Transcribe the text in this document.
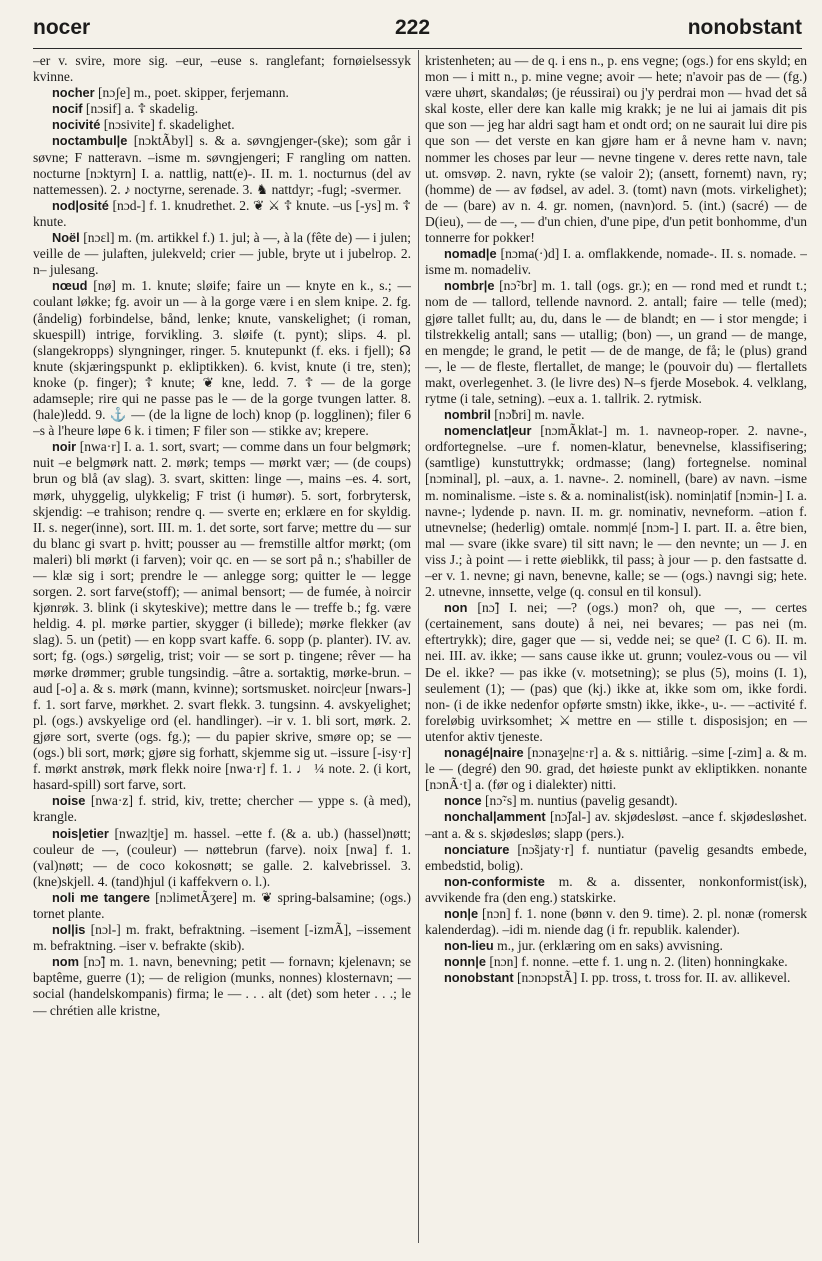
nocer	222	nonobstant

–er v. svire, more sig. –eur, –euse s. ranglefant; fornøielsessyk kvinne.

nocher [nɔʃe] m., poet. skipper, ferjemann.

nocif [nɔsif] a. ☦ skadelig.

nocivité [nɔsivite] f. skadelighet.

noctambul|e [nɔktÃbyl] s. & a. søvngjenger-(ske); som går i søvne; F natteravn. –isme m. søvngjengeri; F rangling om natten. nocturne [nɔktyrn] I. a. nattlig, natt(e)-. II. m. 1. nocturnus (del av nattemessen). 2. ♪ noctyrne, serenade. 3. ♞ nattdyr; -fugl; -svermer.

nod|osité [nɔd-] f. 1. knudrethet. 2. ❦ ⚔ ☦ knute. –us [-ys] m. ☦ knute.

Noël [nɔɛl] m. (m. artikkel f.) 1. jul; à —, à la (fête de) — i julen; veille de — julaften, julekveld; crier — juble, bryte ut i jubelrop. 2. n– julesang.

nœud [nø] m. 1. knute; sløife; faire un — knyte en k., s.; — coulant løkke; fg. avoir un — à la gorge være i en slem knipe. 2. fg. (åndelig) forbindelse, bånd, lenke; knute, vanskelighet; (i roman, skuespill) intrige, forvikling. 3. sløife (t. pynt); slips. 4. pl. (slangekropps) slyngninger, ringer. 5. knutepunkt (f. eks. i fjell); ☊ knute (skjæringspunkt p. ekliptikken). 6. kvist, knute (i tre, sten); knoke (p. finger); ☦ knute; ❦ kne, ledd. 7. ☦ — de la gorge adamseple; rire qui ne passe pas le — de la gorge tvungen latter. 8. (hale)ledd. 9. ⚓ — (de la ligne de loch) knop (p. logglinen); filer 6 –s à l'heure løpe 6 k. i timen; F filer son — stikke av; krepere.

noir [nwa·r] I. a. 1. sort, svart; — comme dans un four belgmørk; nuit –e belgmørk natt. 2. mørk; temps — mørkt vær; — (de coups) brun og blå (av slag). 3. svart, skitten: linge —, mains –es. 4. sort, mørk, uhyggelig, ulykkelig; F trist (i humør). 5. sort, forbrytersk, skjendig: –e trahison; rendre q. — sverte en; erklære en for skyldig. II. s. neger(inne), sort. III. m. 1. det sorte, sort farve; mettre du — sur du blanc gi svart p. hvitt; pousser au — fremstille altfor mørkt; (om maleri) bli mørkt (i farven); voir qc. en — se sort på n.; s'habiller de — klæ sig i sort; prendre le — anlegge sorg; quitter le — legge sorgen. 2. sort farve(stoff); — animal bensort; — de fumée, à noircir kjønrøk. 3. blink (i skyteskive); mettre dans le — treffe b.; fg. være heldig. 4. pl. mørke partier, skygger (i billede); mørke flekker (av slag). 5. un (petit) — en kopp svart kaffe. 6. sopp (p. planter). IV. av. sort; fg. (ogs.) sørgelig, trist; voir — se sort p. tingene; rêver — ha mørke drømmer; gruble tungsindig. –âtre a. sortaktig, mørke-brun. –aud [-o] a. & s. mørk (mann, kvinne); sortsmusket. noirc|eur [nwars-] f. 1. sort farve, mørkhet. 2. svart flekk. 3. tungsinn. 4. avskyelighet; pl. (ogs.) avskyelige ord (el. handlinger). –ir v. 1. bli sort, mørk. 2. gjøre sort, sverte (ogs. fg.); — du papier skrive, smøre op; se — (ogs.) bli sort, mørk; gjøre sig forhatt, skjemme sig ut. –issure [-isy·r] f. mørkt anstrøk, mørk flekk noire [nwa·r] f. 1. ♩ ¼ note. 2. (i kort, hasard-spill) sort farve, sort.

noise [nwa·z] f. strid, kiv, trette; chercher — yppe s. (à med), krangle.

nois|etier [nwaz|tje] m. hassel. –ette f. (& a. ub.) (hassel)nøtt; couleur de —, (couleur) — nøttebrun (farve). noix [nwa] f. 1. (val)nøtt; — de coco kokosnøtt; se galle. 2. kalvebrissel. 3. (kne)skjell. 4. (tand)hjul (i kaffekvern o. l.).

noli me tangere [nɔlimetÃʒere] m. ❦ spring-balsamine; (ogs.) tornet plante.

nol|is [nɔl-] m. frakt, befraktning. –isement [-izmÃ], –issement m. befraktning. –iser v. befrakte (skib).

nom [nɔ̃] m. 1. navn, benevning; petit — fornavn; kjelenavn; se baptême, guerre (1); — de religion (munks, nonnes) klosternavn; — social (handelskompanis) firma; le — . . . alt (det) som heter . . .; le — chrétien alle kristne,

kristenheten; au — de q. i ens n., p. ens vegne; (ogs.) for ens skyld; en mon — i mitt n., p. mine vegne; avoir — hete; n'avoir pas de — (fg.) være uhørt, skandaløs; (je réussirai) ou j'y perdrai mon — hvad det så skal koste, eller dere kan kalle mig krakk; je ne lui ai jamais dit pis que son — jeg har aldri sagt ham et ondt ord; on ne saurait lui dire pis que son — det verste en kan gjøre ham er å nevne ham v. navn; nommer les choses par leur — nevne tingene v. deres rette navn, tale ut. omsvøp. 2. navn, rykte (se valoir 2); (ansett, fornemt) navn, ry; (homme) de — av fødsel, av adel. 3. (tomt) navn (mots. virkelighet); de — (bare) av n. 4. gr. nomen, (navn)ord. 5. (int.) (sacré) — de D(ieu), — de —, — d'un chien, d'une pipe, d'un petit bonhomme, d'un tonnerre for pokker!

nomad|e [nɔma(·)d] I. a. omflakkende, nomade-. II. s. nomade. –isme m. nomadeliv.

nombr|e [nɔ̃·br] m. 1. tall (ogs. gr.); en — rond med et rundt t.; nom de — tallord, tellende navnord. 2. antall; faire — telle (med); gjøre tallet fullt; au, du, dans le — de blandt; en — i stor mengde; i tilstrekkelig antall; sans — utallig; (bon) —, un grand — de mange, en mengde; le grand, le petit — de de mange, de få; le (plus) grand —, le — de fleste, flertallet, de mange; le (pouvoir du) — flertallets makt, overlegenhet. 3. (le livre des) N–s fjerde Mosebok. 4. velklang, rytme (i tale, setning). –eux a. 1. tallrik. 2. rytmisk.

nombril [nɔ̃bri] m. navle.

nomenclat|eur [nɔmÃklat-] m. 1. navneop-roper. 2. navne-, ordfortegnelse. –ure f. nomen-klatur, benevnelse, klassifisering; (samtlige) kunstuttrykk; ordmasse; (lang) fortegnelse. nominal [nɔminal], pl. –aux, a. 1. navne-. 2. nominell, (bare) av navn. –isme m. nominalisme. –iste s. & a. nominalist(isk). nomin|atif [nɔmin-] I. a. navne-; lydende p. navn. II. m. gr. nominativ, nevneform. –ation f. utnevnelse; (hederlig) omtale. nomm|é [nɔm-] I. part. II. a. être bien, mal — svare (ikke svare) til sitt navn; le — den nevnte; un — J. en viss J.; à point — i rette øieblikk, til pass; à jour — p. den fastsatte d. –er v. 1. nevne; gi navn, benevne, kalle; se — (ogs.) navngi sig; hete. 2. utnevne, innsette, velge (q. consul en til konsul).

non [nɔ̃] I. nei; —? (ogs.) mon? oh, que —, — certes (certainement, sans doute) å nei, nei bevares; — pas nei (m. eftertrykk); dire, gager que — si, vedde nei; se que² (I. C 6). II. m. nei. III. av. ikke; — sans cause ikke ut. grunn; voulez-vous ou — vil De el. ikke? — pas ikke (v. motsetning); se plus (5), moins (I. 1), seulement (1); — (pas) que (kj.) ikke at, ikke som om, ikke fordi. non- (i de ikke nedenfor opførte smstn) ikke, ikke-, u-. — –activité f. foreløbig uvirksomhet; ⚔ mettre en — stille t. disposisjon; en — utenfor aktiv tjeneste.

nonagé|naire [nɔnaʒe|nɛ·r] a. & s. nittiårig. –sime [-zim] a. & m. le — (degré) den 90. grad, det høieste punkt av ekliptikken. nonante [nɔnÃ·t] a. (før og i dialekter) nitti.

nonce [nɔ̃·s] m. nuntius (pavelig gesandt).

nonchal|amment [nɔ̃ʃal-] av. skjødesløst. –ance f. skjødesløshet. –ant a. & s. skjødesløs; slapp (pers.).

nonciature [nɔ̃sjaty·r] f. nuntiatur (pavelig gesandts embede, embedstid, bolig).

non-conformiste m. & a. dissenter, nonkonformist(isk), avvikende fra (den eng.) statskirke.

non|e [nɔn] f. 1. none (bønn v. den 9. time). 2. pl. nonæ (romersk kalenderdag). –idi m. niende dag (i fr. republik. kalender).

non-lieu m., jur. (erklæring om en saks) avvisning.

nonn|e [nɔn] f. nonne. –ette f. 1. ung n. 2. (liten) honningkake.

nonobstant [nɔnɔpstÃ] I. pp. tross, t. tross for. II. av. allikevel.
